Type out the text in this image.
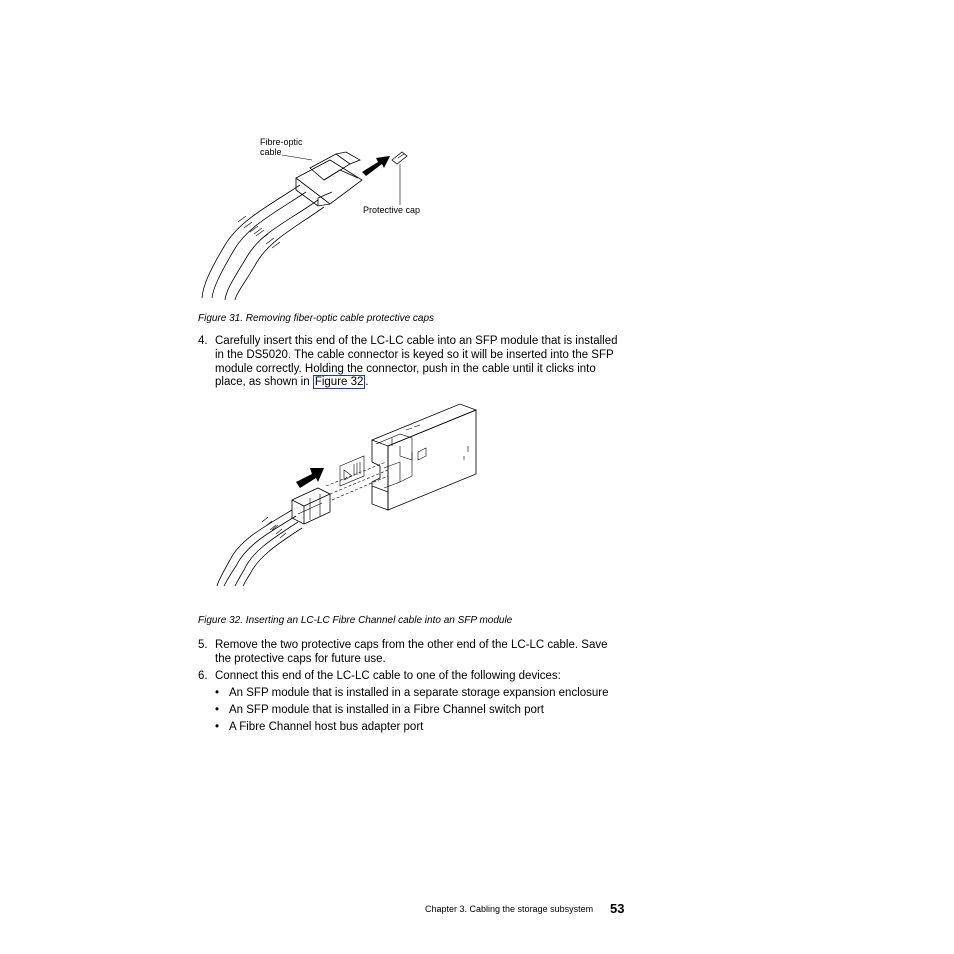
Fibre-optic
cable
Protective cap
Figure 31. Removing fiber-optic cable protective caps
4. Carefully insert this end of the LC-LC cable into an SFP module that is installed
in the DS5020. The cable connector is keyed so it will be inserted into the SFP
module correctly. Holding the connector, push in the cable until it clicks into
place, as shown in Figure 32 .
Figure 32. Inserting an LC-LC Fibre Channel cable into an SFP module
5. Remove the two protective caps from the other end of the LC-LC cable. Save
the protective caps for future use.
6. Connect this end of the LC-LC cable to one of the following devices:
• An SFP module that is installed in a separate storage expansion enclosure
• An SFP module that is installed in a Fibre Channel switch port
• A Fibre Channel host bus adapter port
Chapter 3. Cabling the storage subsystem 53
